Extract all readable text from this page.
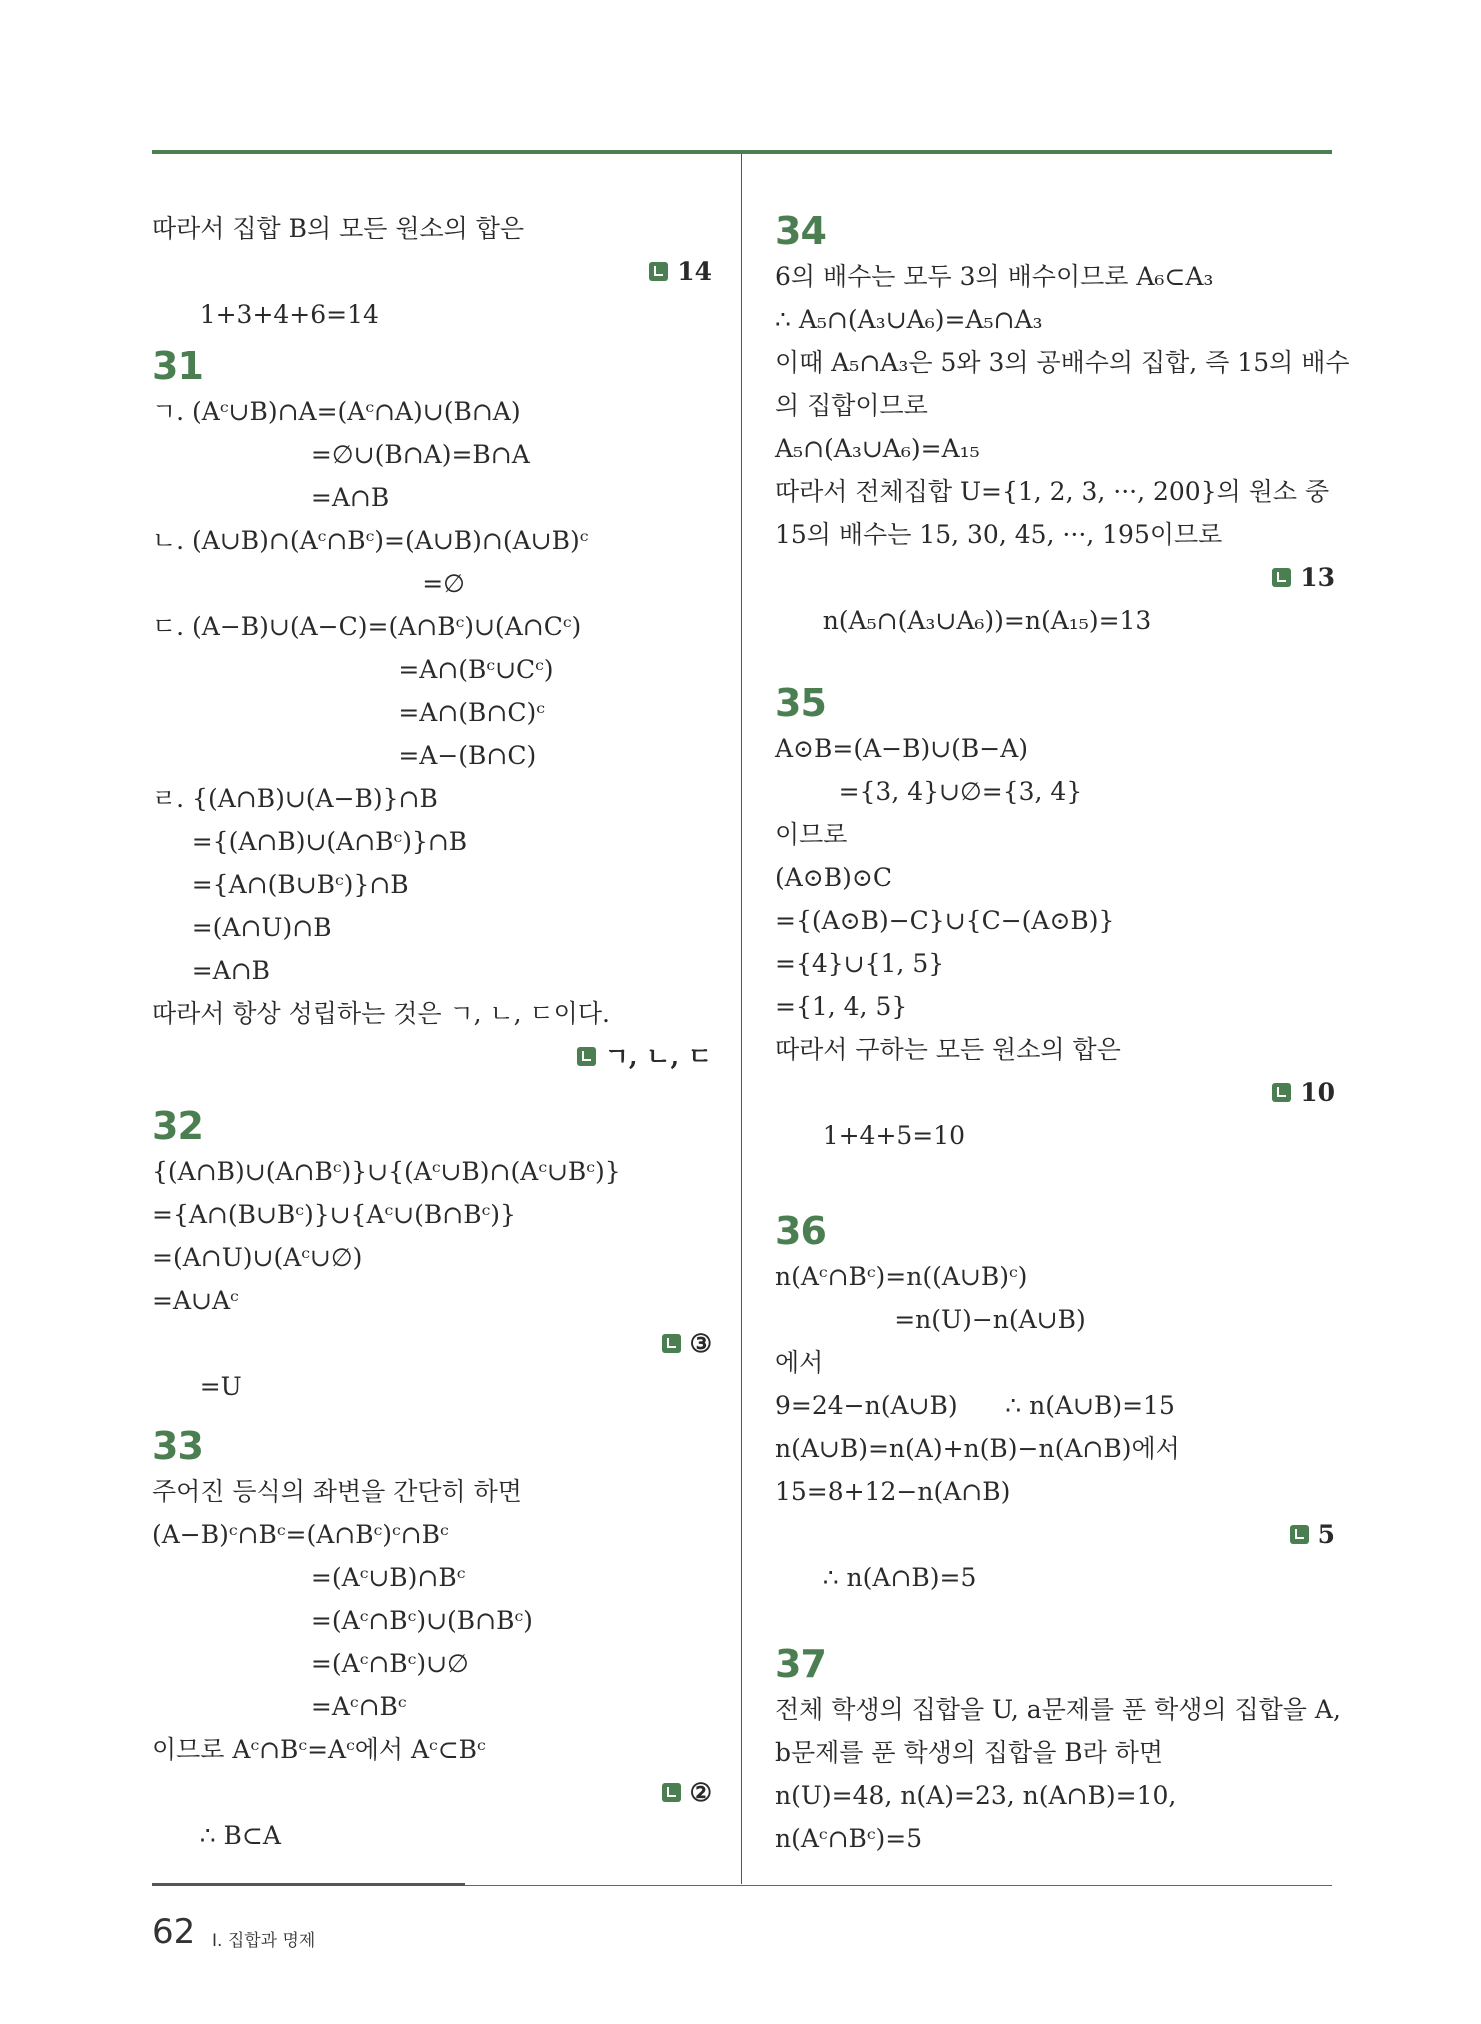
따라서 집합 B의 모든 원소의 합은

1+3+4+6=14

14

31
ㄱ. (Aᶜ∪B)∩A=(Aᶜ∩A)∪(B∩A)
=∅∪(B∩A)=B∩A
=A∩B
ㄴ. (A∪B)∩(Aᶜ∩Bᶜ)=(A∪B)∩(A∪B)ᶜ
=∅
ㄷ. (A−B)∪(A−C)=(A∩Bᶜ)∪(A∩Cᶜ)
=A∩(Bᶜ∪Cᶜ)
=A∩(B∩C)ᶜ
=A−(B∩C)
ㄹ. {(A∩B)∪(A−B)}∩B
={(A∩B)∪(A∩Bᶜ)}∩B
={A∩(B∪Bᶜ)}∩B
=(A∩U)∩B
=A∩B
따라서 항상 성립하는 것은 ㄱ, ㄴ, ㄷ이다.

ㄱ, ㄴ, ㄷ

32
{(A∩B)∪(A∩Bᶜ)}∪{(Aᶜ∪B)∩(Aᶜ∪Bᶜ)}
={A∩(B∪Bᶜ)}∪{Aᶜ∪(B∩Bᶜ)}
=(A∩U)∪(Aᶜ∪∅)
=A∪Aᶜ

=U

③

33
주어진 등식의 좌변을 간단히 하면
(A−B)ᶜ∩Bᶜ=(A∩Bᶜ)ᶜ∩Bᶜ
=(Aᶜ∪B)∩Bᶜ
=(Aᶜ∩Bᶜ)∪(B∩Bᶜ)
=(Aᶜ∩Bᶜ)∪∅
=Aᶜ∩Bᶜ
이므로 Aᶜ∩Bᶜ=Aᶜ에서 Aᶜ⊂Bᶜ

∴ B⊂A

②

34
6의 배수는 모두 3의 배수이므로 A₆⊂A₃
∴ A₅∩(A₃∪A₆)=A₅∩A₃
이때 A₅∩A₃은 5와 3의 공배수의 집합, 즉 15의 배수
의 집합이므로
A₅∩(A₃∪A₆)=A₁₅
따라서 전체집합 U={1, 2, 3, ···, 200}의 원소 중
15의 배수는 15, 30, 45, ···, 195이므로

n(A₅∩(A₃∪A₆))=n(A₁₅)=13

13

35
A⊙B=(A−B)∪(B−A)
={3, 4}∪∅={3, 4}
이므로
(A⊙B)⊙C
={(A⊙B)−C}∪{C−(A⊙B)}
={4}∪{1, 5}
={1, 4, 5}
따라서 구하는 모든 원소의 합은

1+4+5=10

10

36
n(Aᶜ∩Bᶜ)=n((A∪B)ᶜ)
=n(U)−n(A∪B)
에서
9=24−n(A∪B)      ∴ n(A∪B)=15
n(A∪B)=n(A)+n(B)−n(A∩B)에서
15=8+12−n(A∩B)

∴ n(A∩B)=5

5

37
전체 학생의 집합을 U, a문제를 푼 학생의 집합을 A,
b문제를 푼 학생의 집합을 B라 하면
n(U)=48, n(A)=23, n(A∩B)=10,
n(Aᶜ∩Bᶜ)=5
62 Ⅰ. 집합과 명제
